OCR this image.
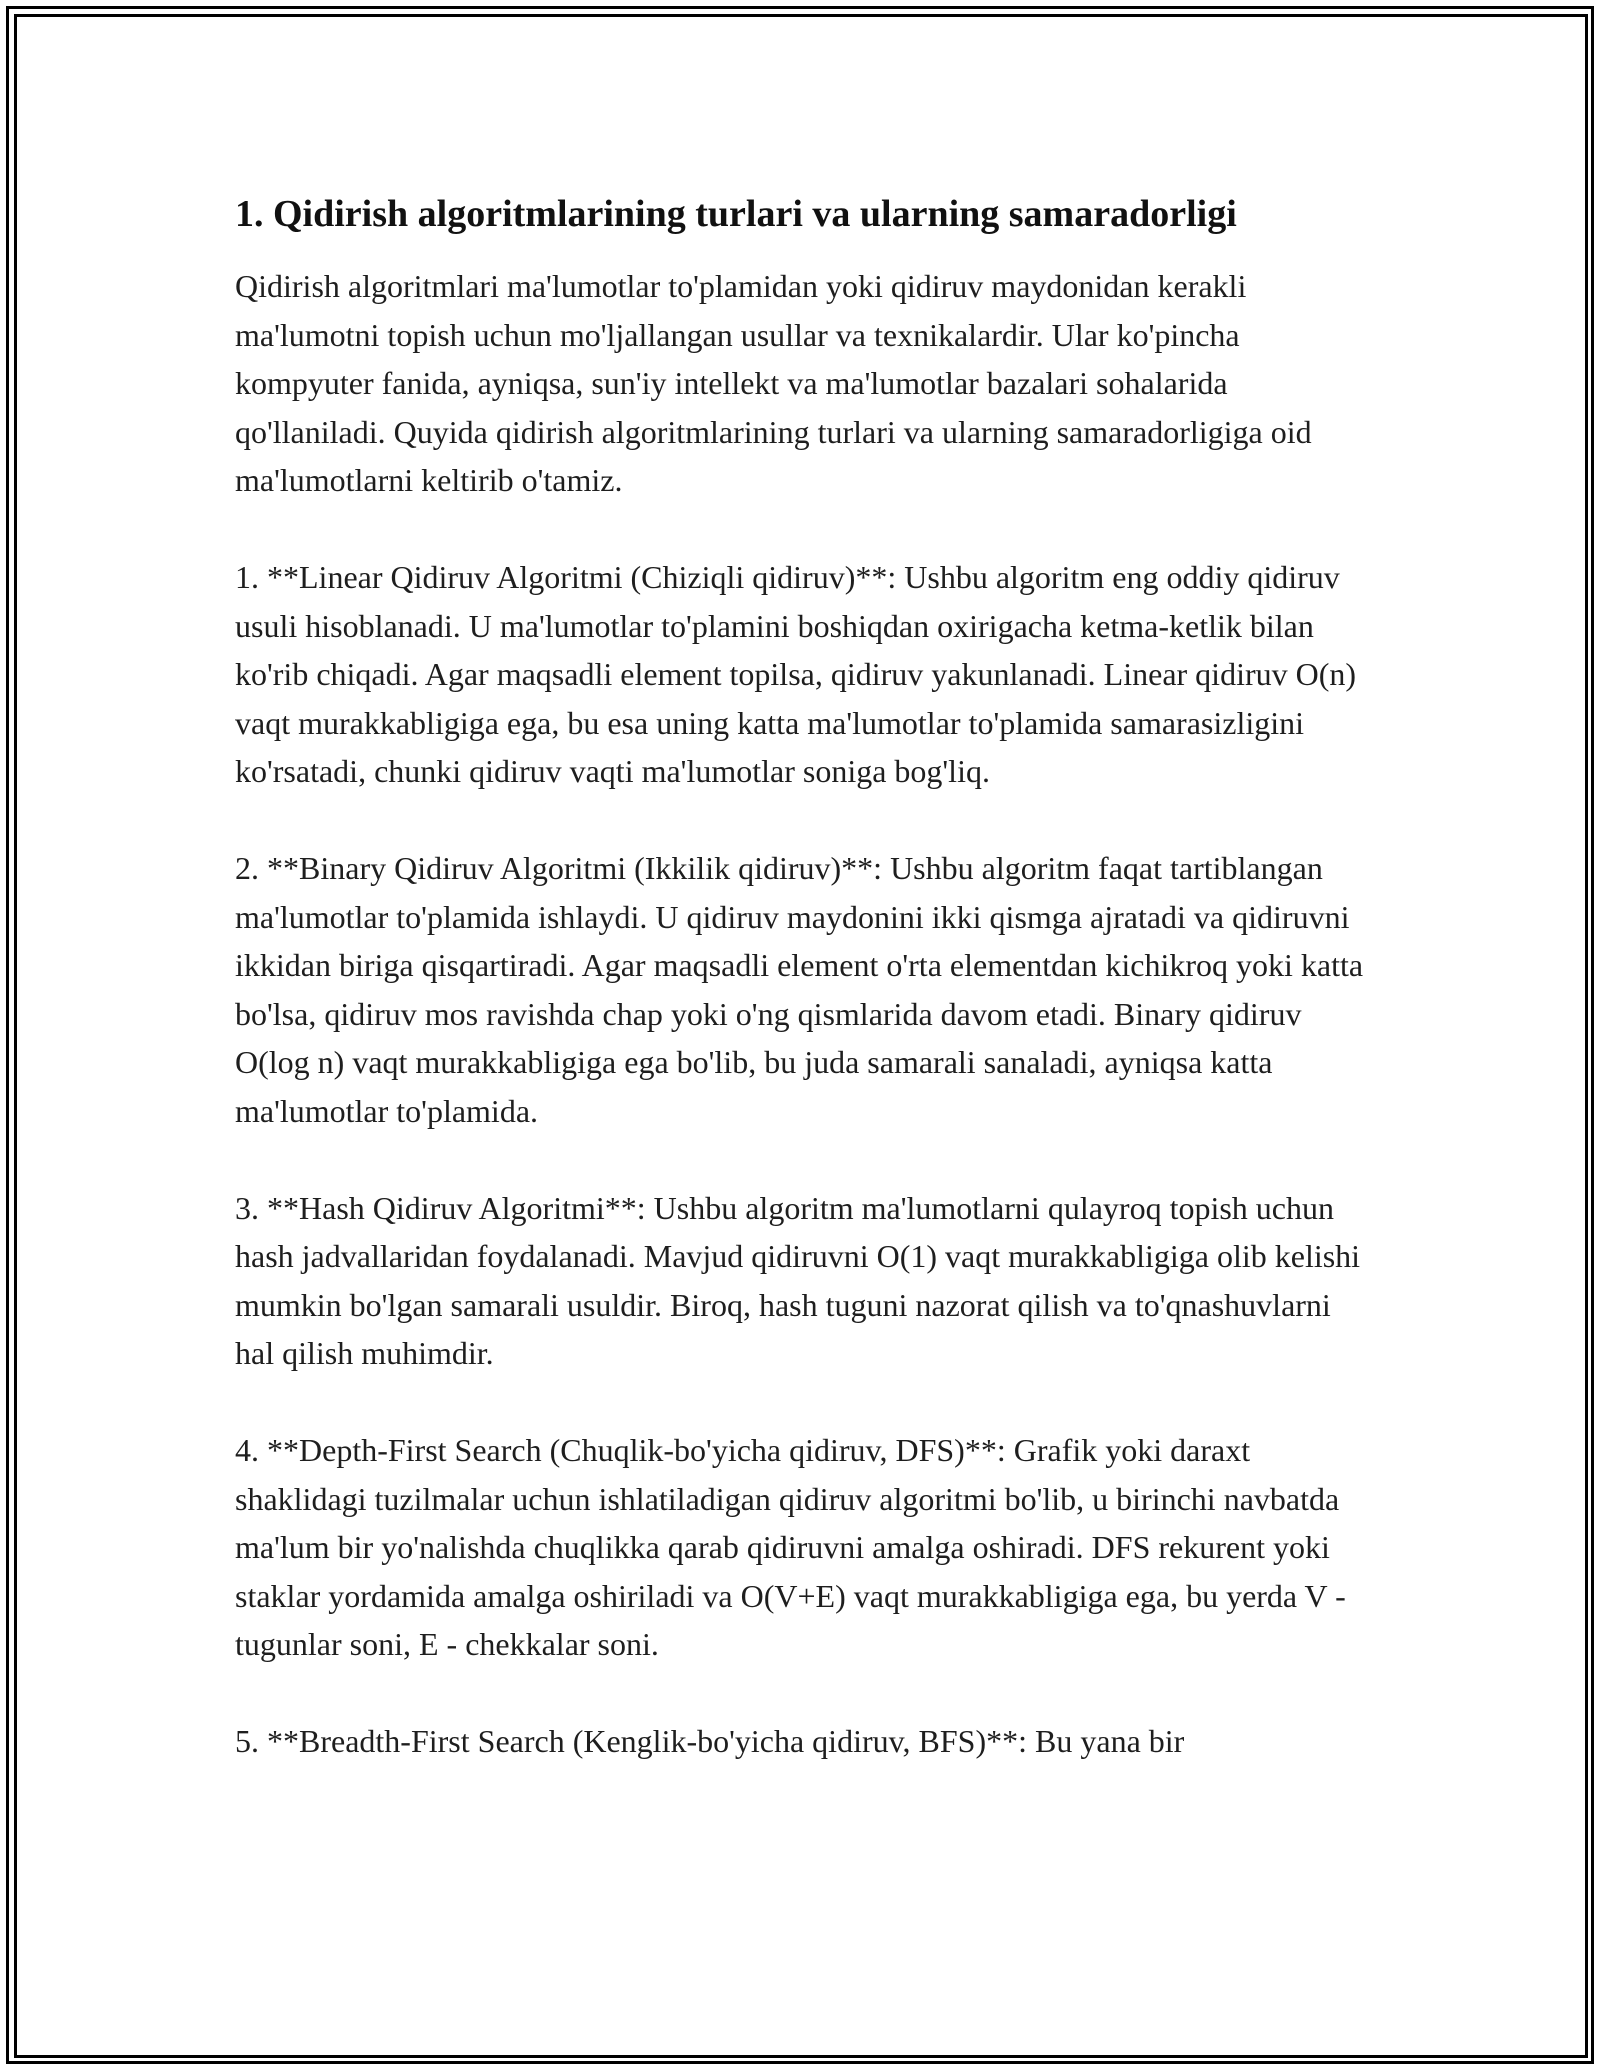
1. Qidirish algoritmlarining turlari va ularning samaradorligi

Qidirish algoritmlari ma'lumotlar to'plamidan yoki qidiruv maydonidan kerakli ma'lumotni topish uchun mo'ljallangan usullar va texnikalardir. Ular ko'pincha kompyuter fanida, ayniqsa, sun'iy intellekt va ma'lumotlar bazalari sohalarida qo'llaniladi. Quyida qidirish algoritmlarining turlari va ularning samaradorligiga oid ma'lumotlarni keltirib o'tamiz.

1. **Linear Qidiruv Algoritmi (Chiziqli qidiruv)**: Ushbu algoritm eng oddiy qidiruv usuli hisoblanadi. U ma'lumotlar to'plamini boshiqdan oxirigacha ketma-ketlik bilan ko'rib chiqadi. Agar maqsadli element topilsa, qidiruv yakunlanadi. Linear qidiruv O(n) vaqt murakkabligiga ega, bu esa uning katta ma'lumotlar to'plamida samarasizligini ko'rsatadi, chunki qidiruv vaqti ma'lumotlar soniga bog'liq.

2. **Binary Qidiruv Algoritmi (Ikkilik qidiruv)**: Ushbu algoritm faqat tartiblangan ma'lumotlar to'plamida ishlaydi. U qidiruv maydonini ikki qismga ajratadi va qidiruvni ikkidan biriga qisqartiradi. Agar maqsadli element o'rta elementdan kichikroq yoki katta bo'lsa, qidiruv mos ravishda chap yoki o'ng qismlarida davom etadi. Binary qidiruv O(log n) vaqt murakkabligiga ega bo'lib, bu juda samarali sanaladi, ayniqsa katta ma'lumotlar to'plamida.

3. **Hash Qidiruv Algoritmi**: Ushbu algoritm ma'lumotlarni qulayroq topish uchun hash jadvallaridan foydalanadi. Mavjud qidiruvni O(1) vaqt murakkabligiga olib kelishi mumkin bo'lgan samarali usuldir. Biroq, hash tuguni nazorat qilish va to'qnashuvlarni hal qilish muhimdir.

4. **Depth-First Search (Chuqlik-bo'yicha qidiruv, DFS)**: Grafik yoki daraxt shaklidagi tuzilmalar uchun ishlatiladigan qidiruv algoritmi bo'lib, u birinchi navbatda ma'lum bir yo'nalishda chuqlikka qarab qidiruvni amalga oshiradi. DFS rekurent yoki staklar yordamida amalga oshiriladi va O(V+E) vaqt murakkabligiga ega, bu yerda V - tugunlar soni, E - chekkalar soni.

5. **Breadth-First Search (Kenglik-bo'yicha qidiruv, BFS)**: Bu yana bir
